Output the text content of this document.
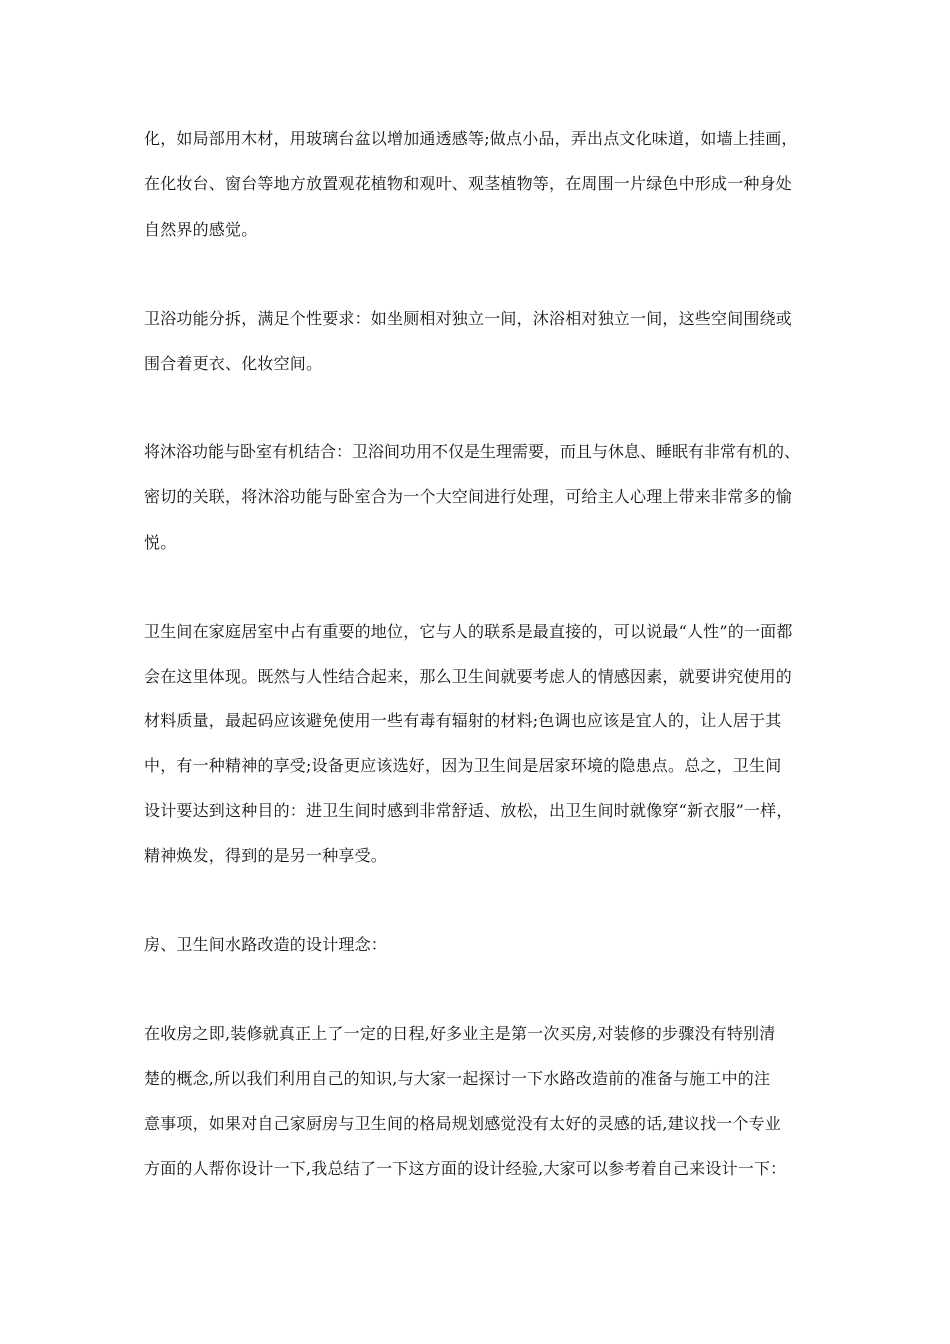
化，如局部用木材，用玻璃台盆以增加通透感等;做点小品，弄出点文化味道，如墙上挂画，
在化妆台、窗台等地方放置观花植物和观叶、观茎植物等，在周围一片绿色中形成一种身处
自然界的感觉。
卫浴功能分拆，满足个性要求：如坐厕相对独立一间，沐浴相对独立一间，这些空间围绕或
围合着更衣、化妆空间。
将沐浴功能与卧室有机结合：卫浴间功用不仅是生理需要，而且与休息、睡眠有非常有机的、
密切的关联，将沐浴功能与卧室合为一个大空间进行处理，可给主人心理上带来非常多的愉
悦。
卫生间在家庭居室中占有重要的地位，它与人的联系是最直接的，可以说最“人性”的一面都
会在这里体现。既然与人性结合起来，那么卫生间就要考虑人的情感因素，就要讲究使用的
材料质量，最起码应该避免使用一些有毒有辐射的材料;色调也应该是宜人的，让人居于其
中，有一种精神的享受;设备更应该选好，因为卫生间是居家环境的隐患点。总之，卫生间
设计要达到这种目的：进卫生间时感到非常舒适、放松，出卫生间时就像穿“新衣服”一样，
精神焕发，得到的是另一种享受。
房、卫生间水路改造的设计理念：
在收房之即,装修就真正上了一定的日程,好多业主是第一次买房,对装修的步骤没有特别清
楚的概念,所以我们利用自己的知识,与大家一起探讨一下水路改造前的准备与施工中的注
意事项，如果对自己家厨房与卫生间的格局规划感觉没有太好的灵感的话,建议找一个专业
方面的人帮你设计一下,我总结了一下这方面的设计经验,大家可以参考着自己来设计一下：
